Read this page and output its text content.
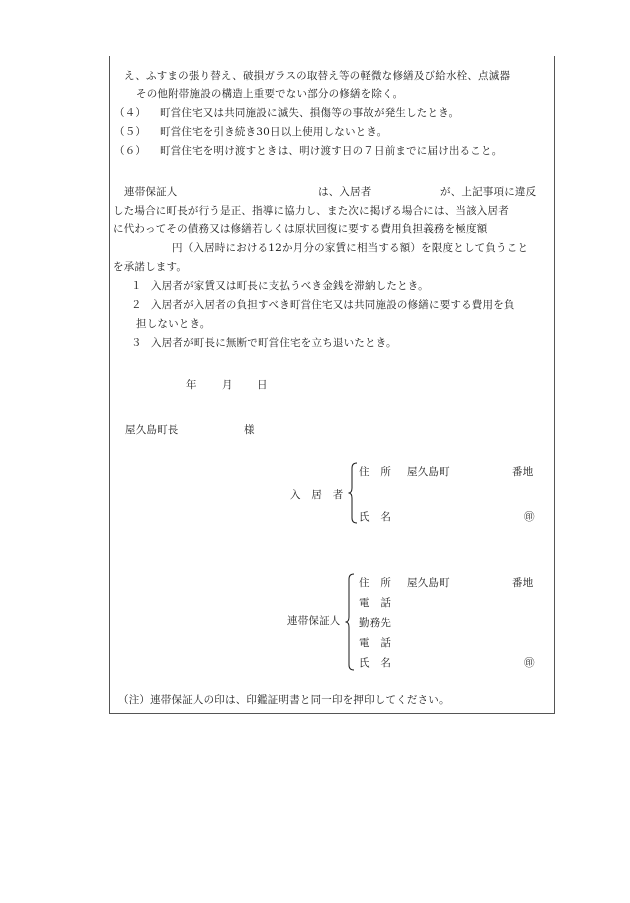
え、ふすまの張り替え、破損ガラスの取替え等の軽微な修繕及び給水栓、点滅器
その他附帯施設の構造上重要でない部分の修繕を除く。
（４） 町営住宅又は共同施設に滅失、損傷等の事故が発生したとき。
（５） 町営住宅を引き続き30日以上使用しないとき。
（６） 町営住宅を明け渡すときは、明け渡す日の７日前までに届け出ること。
連帯保証人	は、入居者	が、上記事項に違反
した場合に町長が行う是正、指導に協力し、また次に掲げる場合には、当該入居者
に代わってその債務又は修繕若しくは原状回復に要する費用負担義務を極度額
円（入居時における12か月分の家賃に相当する額）を限度として負うこと
を承諾します。
１ 入居者が家賃又は町長に支払うべき金銭を滞納したとき。
２ 入居者が入居者の負担すべき町営住宅又は共同施設の修繕に要する費用を負
担しないとき。
３ 入居者が町長に無断で町営住宅を立ち退いたとき。
年 月 日
屋久島町長	様
入　居　者
住　所 屋久島町	番地
氏　名	㊞
連帯保証人
住　所 屋久島町	番地
電　話
勤務先
電　話
氏　名	㊞
（注）連帯保証人の印は、印鑑証明書と同一印を押印してください。
